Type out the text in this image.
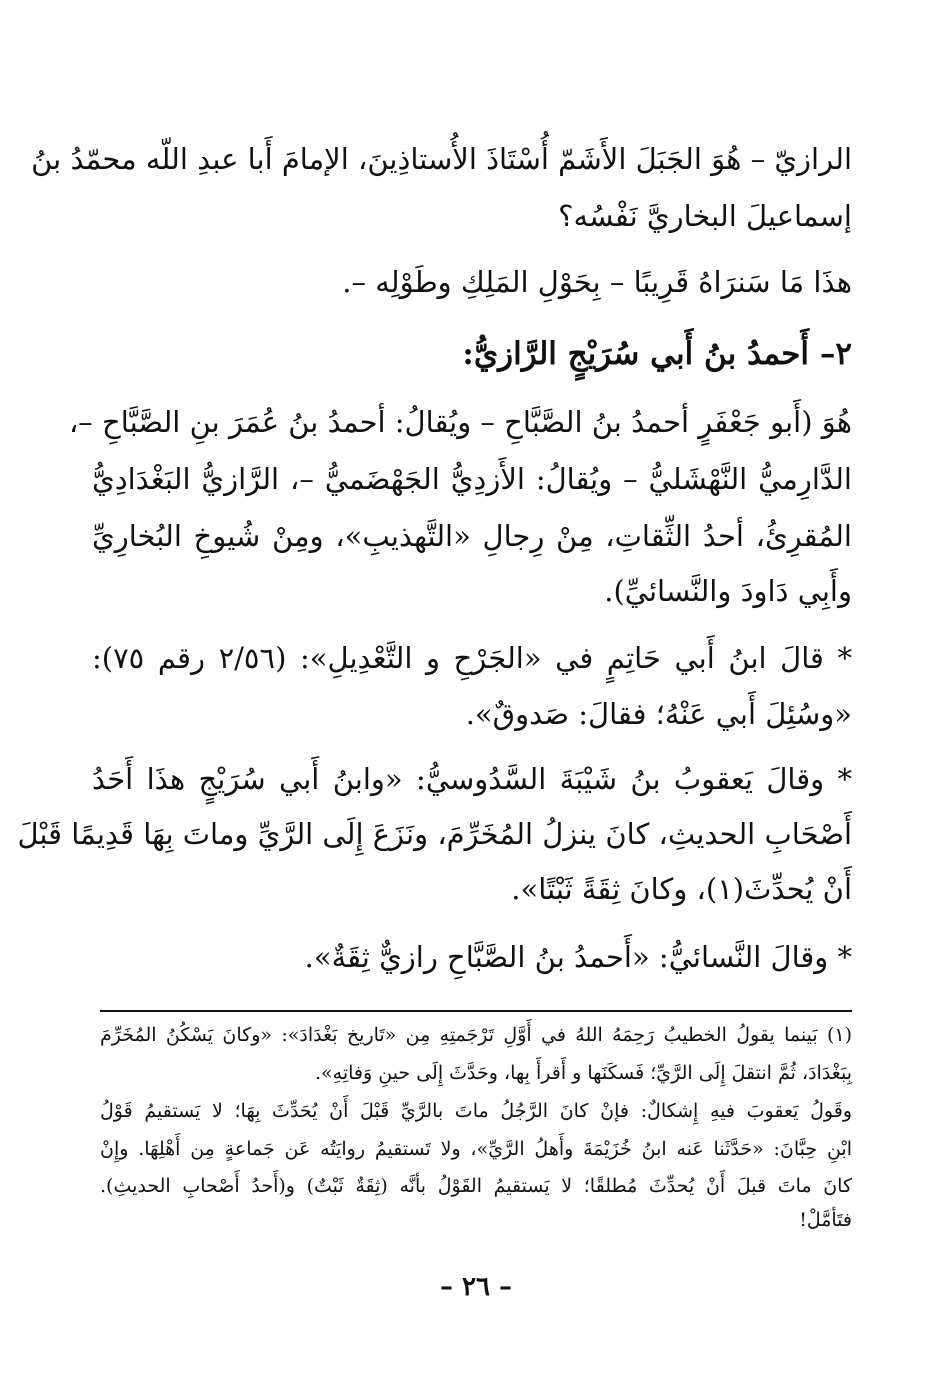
الرازيّ – هُوَ الجَبَلَ الأَشَمّ أُسْتَاذَ الأُستاذِينَ، الإمامَ أَبا عبدِ اللّه محمّدُ بنُ
إسماعيلَ البخاريَّ نَفْسُه؟
هذَا مَا سَنرَاهُ قَرِيبًا – بِحَوْلِ المَلِكِ وطَوْلِه –.
٢– أَحمدُ بنُ أَبي سُرَيْجٍ الرَّازيُّ:
هُوَ (أَبو جَعْفَرٍ أحمدُ بنُ الصَّبَّاحِ – ويُقالُ: أحمدُ بنُ عُمَرَ بنِ الصَّبَّاحِ –،
الدَّارِميُّ النَّهْشَليُّ – ويُقالُ: الأَزدِيُّ الجَهْضَميُّ –، الرَّازيُّ البَغْدَادِيُّ
المُقرِئُ، أحدُ الثِّقاتِ، مِنْ رِجالِ «التَّهذيبِ»، ومِنْ شُيوخِ البُخارِيِّ
وأَبِي دَاودَ والنَّسائيِّ).
* قالَ ابنُ أَبي حَاتِمٍ في «الجَرْحِ و التَّعْدِيلِ»: (٢/٥٦ رقم ٧٥):
«وسُئِلَ أَبي عَنْهُ؛ فقالَ: صَدوقٌ».
* وقالَ يَعقوبُ بنُ شَيْبَةَ السَّدُوسيُّ: «وابنُ أَبي سُرَيْجٍ هذَا أَحَدُ
أَصْحَابِ الحديثِ، كانَ ينزلُ المُخَرِّمَ، ونَزَعَ إِلَى الرَّيِّ وماتَ بِهَا قَدِيمًا قَبْلَ
أَنْ يُحدِّثَ(١)، وكانَ ثِقَةً ثَبْتًا».
* وقالَ النَّسائيُّ: «أَحمدُ بنُ الصَّبَّاحِ رازيٌّ ثِقَةٌ».
(١) بَينما يقولُ الخطيبُ رَحِمَهُ اللهُ في أَوَّلِ تَرْجَمتِهِ مِن «تَاريخ بَغْدَادَ»: «وكانَ يَسْكُنُ المُخَرِّمَ
بِبَغْدَادَ، ثُمَّ انتقلَ إِلَى الرَّيِّ؛ فَسكَنَها و أَقرأَ بِها، وحَدَّثَ إِلَى حينِ وَفاتِهِ».
وقَولُ يَعقوبَ فيهِ إِشكالٌ: فإنْ كانَ الرَّجُلُ ماتَ بالرَّيِّ قَبْلَ أَنْ يُحَدِّثَ بِهَا؛ لا يَستقيمُ قَوْلُ
ابْنِ حِبَّانَ: «حَدَّثَنا عَنه ابنُ خُزَيْمَةَ وأَهلُ الرَّيِّ»، ولا تَستقيمُ روايَتُه عَن جَماعةٍ مِن أَهْلِهَا. وإِنْ
كانَ ماتَ قبلَ أَنْ يُحدِّثَ مُطلقًا؛ لا يَستقيمُ القَوْلُ بأنَّه (ثِقَةٌ ثَبْتٌ) و(أَحدُ أَصْحابِ الحديثِ).
فتَأمَّلْ!
– ٢٦ –
